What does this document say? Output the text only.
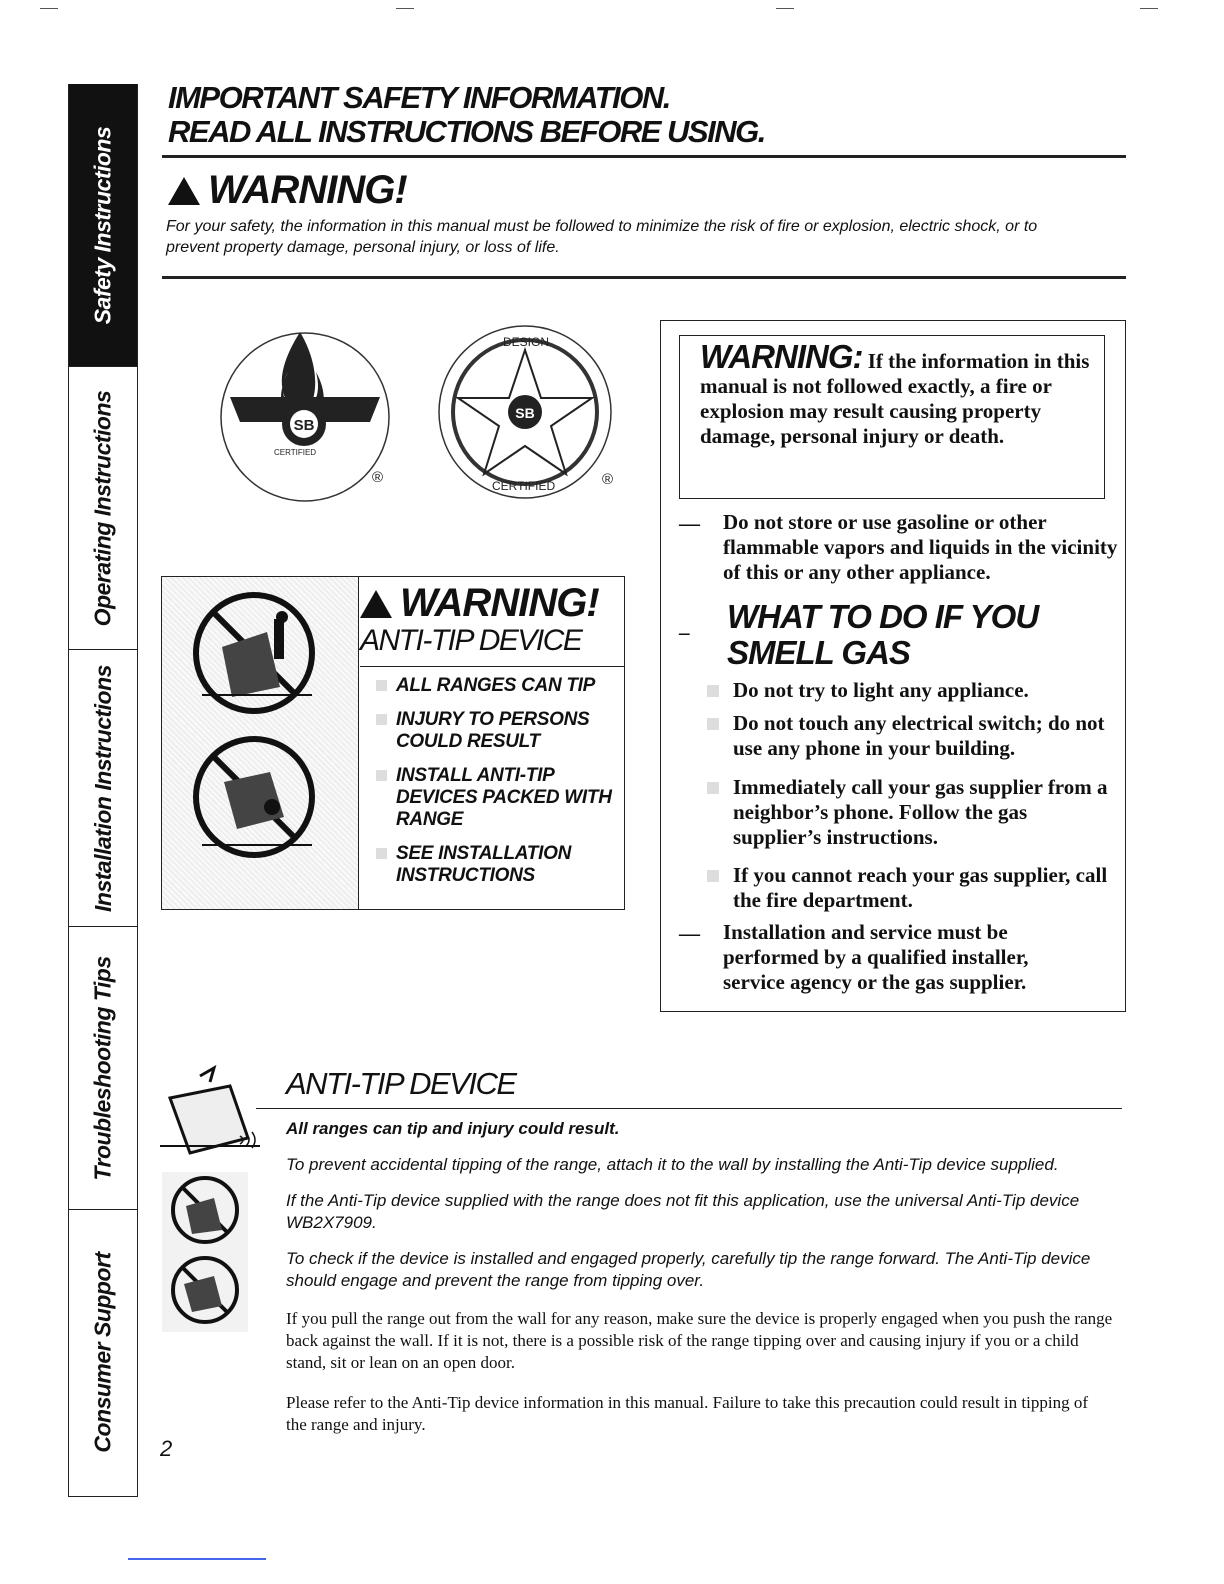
Safety Instructions
Operating Instructions
Installation Instructions
Troubleshooting Tips
Consumer Support
IMPORTANT SAFETY INFORMATION.
READ ALL INSTRUCTIONS BEFORE USING.
WARNING!
For your safety, the information in this manual must be followed to minimize the risk of fire or explosion, electric shock, or to prevent property damage, personal injury, or loss of life.
SB
CERTIFIED
®
SB
DESIGN
CERTIFIED	®
WARNING!
ANTI-TIP DEVICE
ALL RANGES CAN TIP
INJURY TO PERSONS COULD RESULT
INSTALL ANTI-TIP DEVICES PACKED WITH RANGE
SEE INSTALLATION INSTRUCTIONS
WARNING: If the information in this manual is not followed exactly, a fire or explosion may result causing property damage, personal injury or death.
— Do not store or use gasoline or other flammable vapors and liquids in the vicinity of this or any other appliance.
_ WHAT TO DO IF YOU
SMELL GAS
Do not try to light any appliance.
Do not touch any electrical switch; do not use any phone in your building.
Immediately call your gas supplier from a neighbor’s phone. Follow the gas supplier’s instructions.
If you cannot reach your gas supplier, call the fire department.
— Installation and service must be performed by a qualified installer, service agency or the gas supplier.
ANTI-TIP DEVICE
All ranges can tip and injury could result.
To prevent accidental tipping of the range, attach it to the wall by installing the Anti-Tip device supplied.
If the Anti-Tip device supplied with the range does not fit this application, use the universal Anti-Tip device WB2X7909.
To check if the device is installed and engaged properly, carefully tip the range forward. The Anti-Tip device should engage and prevent the range from tipping over.
If you pull the range out from the wall for any reason, make sure the device is properly engaged when you push the range back against the wall. If it is not, there is a possible risk of the range tipping over and causing injury if you or a child stand, sit or lean on an open door.
Please refer to the Anti-Tip device information in this manual. Failure to take this precaution could result in tipping of the range and injury.
2
